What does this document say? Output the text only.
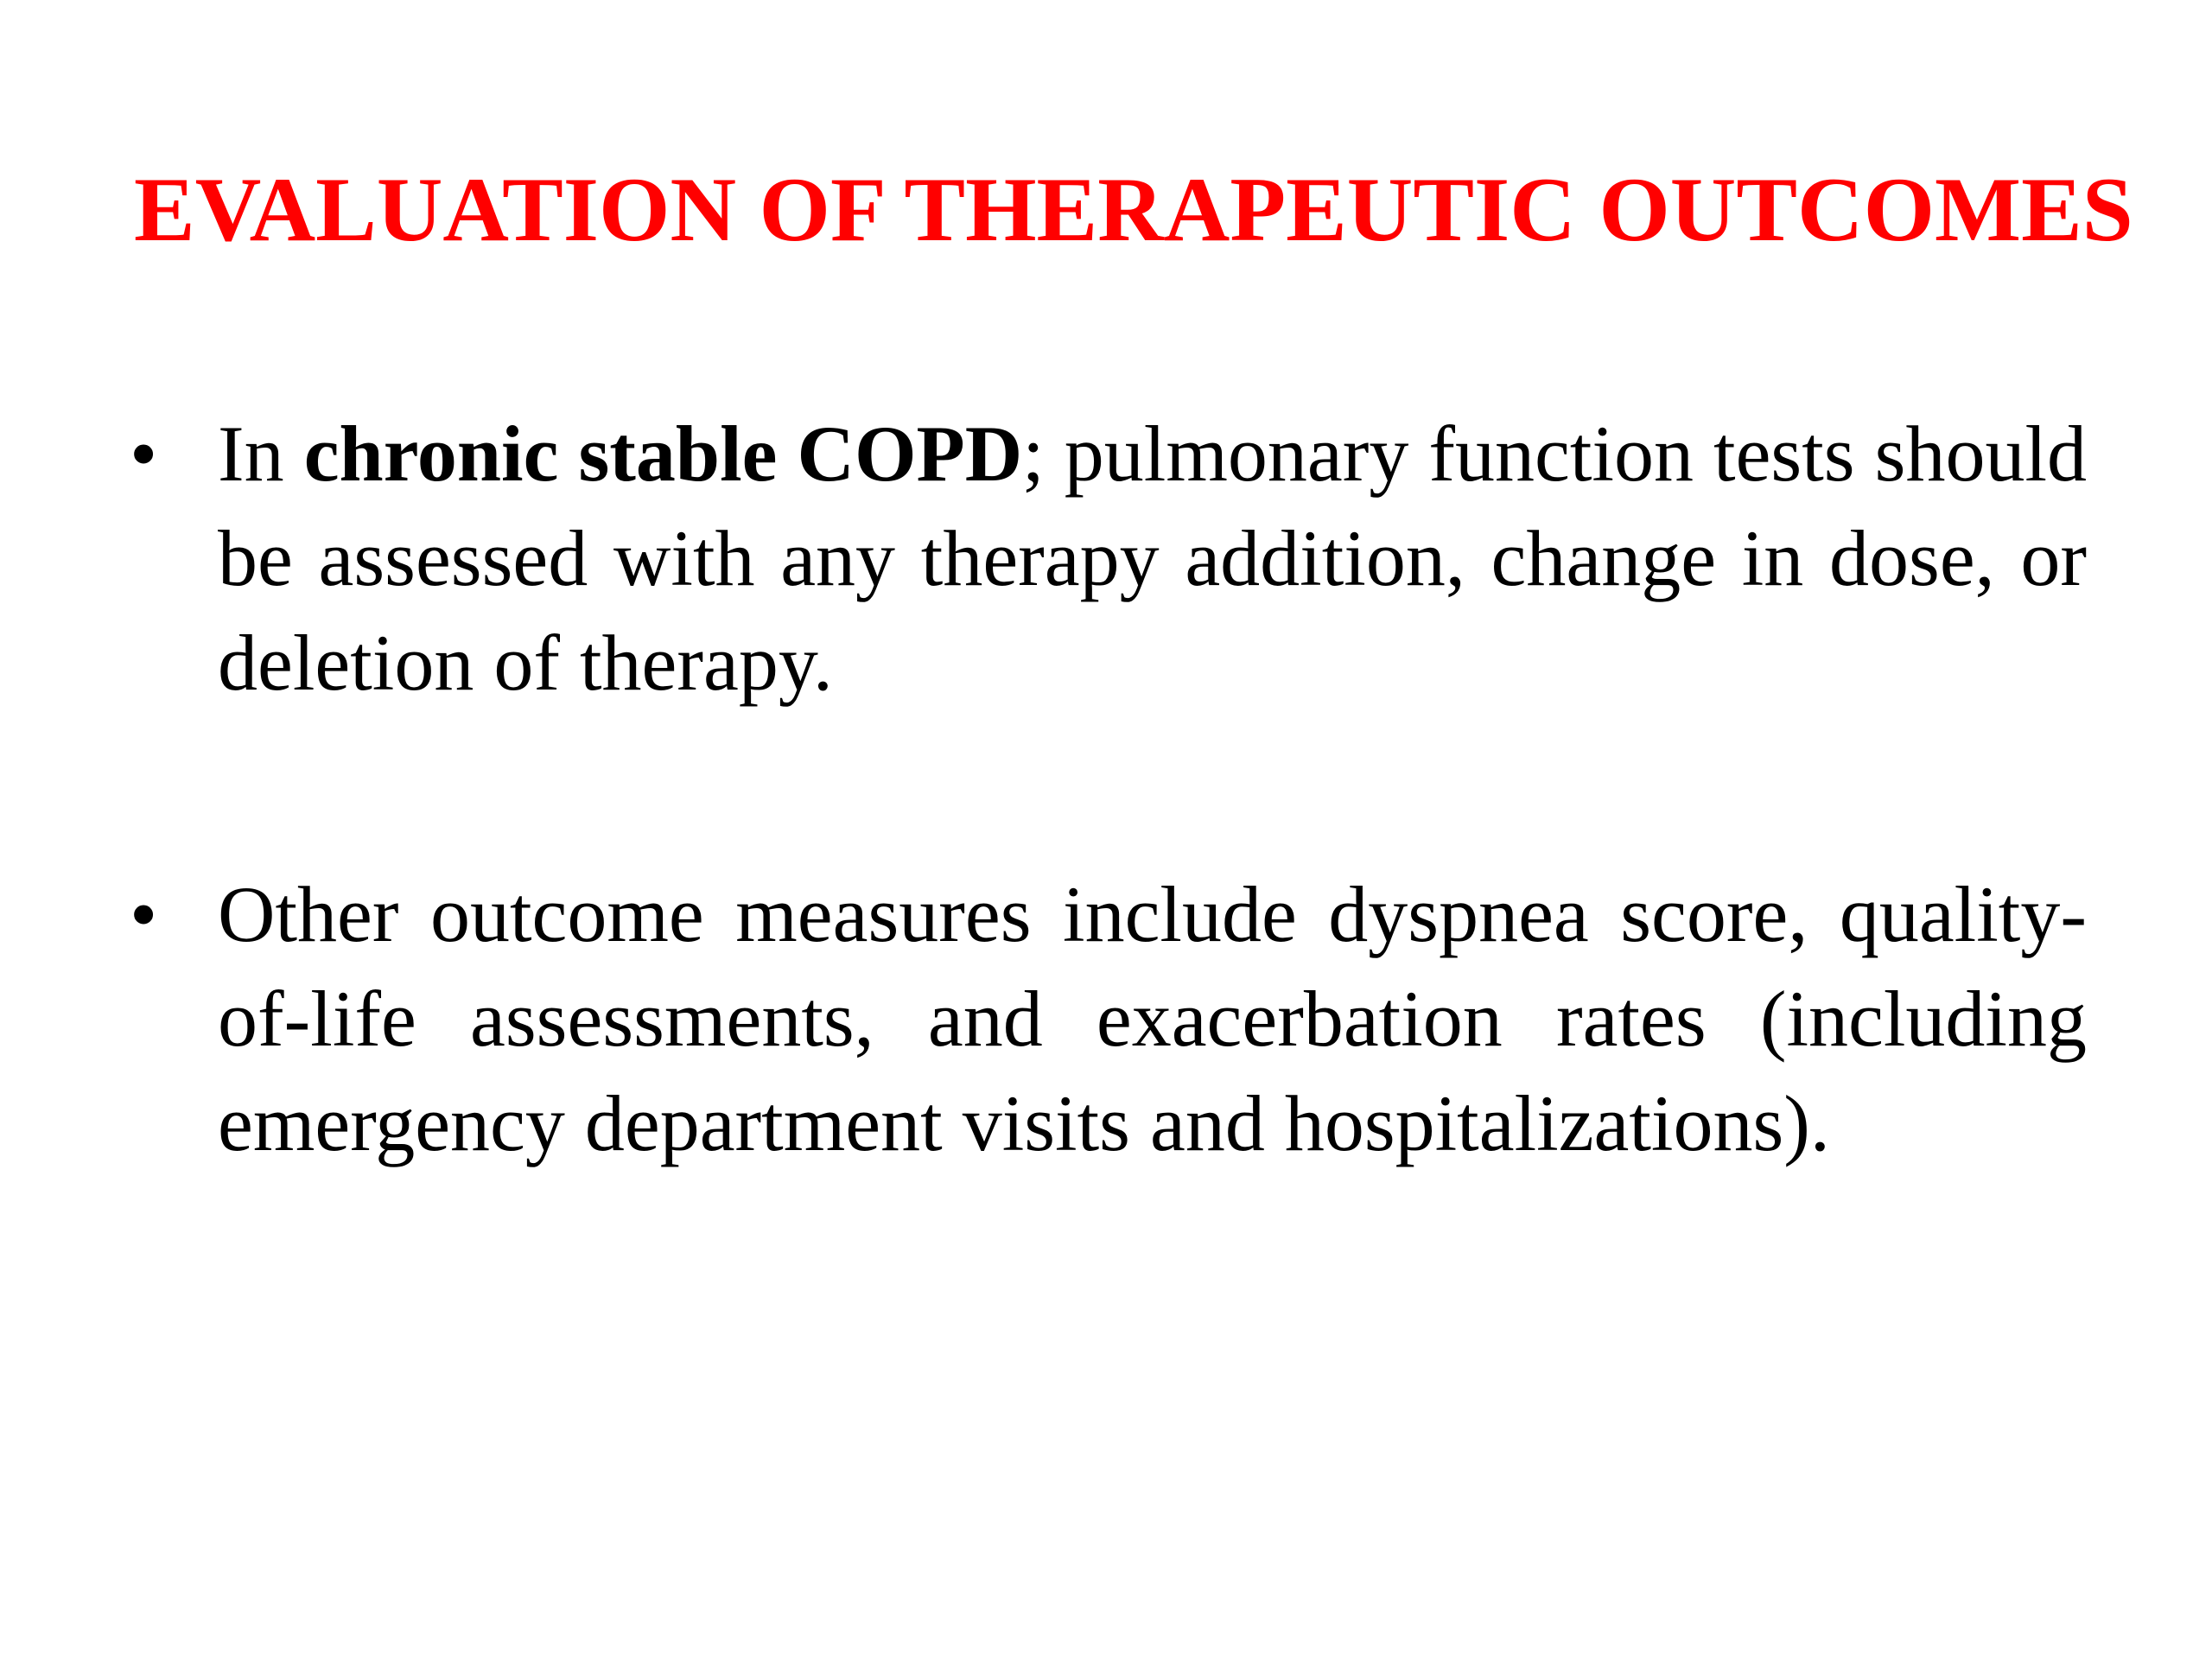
EVALUATION OF THERAPEUTIC OUTCOMES
• In chronic stable COPD; pulmonary function tests should be assessed with any therapy addition, change in dose, or deletion of therapy.
• Other outcome measures include dyspnea score, quality-of-life assessments, and exacerbation rates (including emergency department visits and hospitalizations).
